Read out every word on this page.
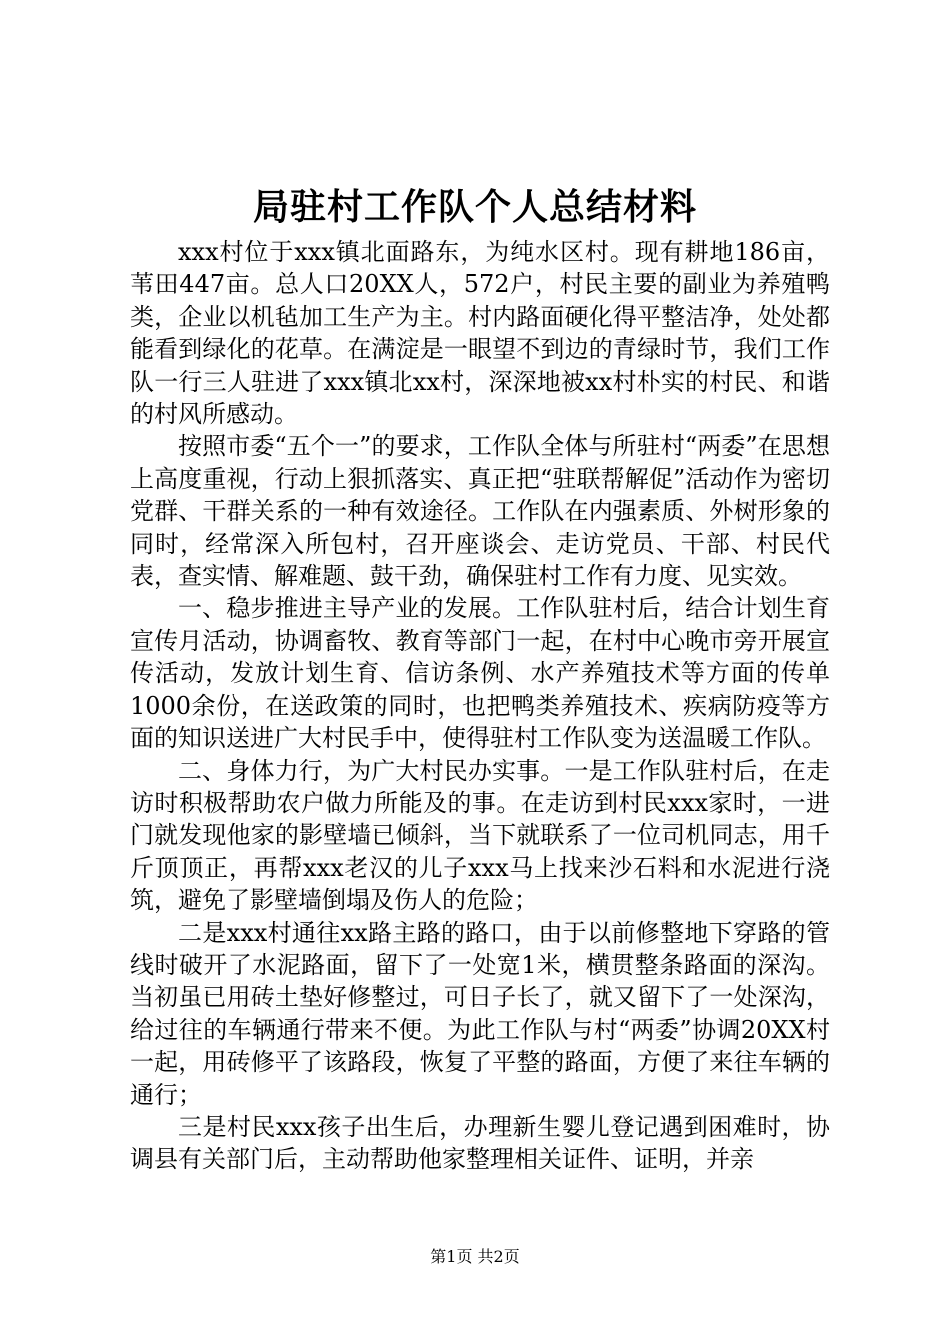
局驻村工作队个人总结材料

xxx村位于xxx镇北面路东，为纯水区村。现有耕地186亩，苇田447亩。总人口20XX人，572户，村民主要的副业为养殖鸭类，企业以机毡加工生产为主。村内路面硬化得平整洁净，处处都能看到绿化的花草。在满淀是一眼望不到边的青绿时节，我们工作队一行三人驻进了xxx镇北xx村，深深地被xx村朴实的村民、和谐的村风所感动。

按照市委“五个一”的要求，工作队全体与所驻村“两委”在思想上高度重视，行动上狠抓落实、真正把“驻联帮解促”活动作为密切党群、干群关系的一种有效途径。工作队在内强素质、外树形象的同时，经常深入所包村，召开座谈会、走访党员、干部、村民代表，查实情、解难题、鼓干劲，确保驻村工作有力度、见实效。

一、稳步推进主导产业的发展。工作队驻村后，结合计划生育宣传月活动，协调畜牧、教育等部门一起，在村中心晚市旁开展宣传活动，发放计划生育、信访条例、水产养殖技术等方面的传单1000余份，在送政策的同时，也把鸭类养殖技术、疾病防疫等方面的知识送进广大村民手中，使得驻村工作队变为送温暖工作队。

二、身体力行，为广大村民办实事。一是工作队驻村后，在走访时积极帮助农户做力所能及的事。在走访到村民xxx家时，一进门就发现他家的影壁墙已倾斜，当下就联系了一位司机同志，用千斤顶顶正，再帮xxx老汉的儿子xxx马上找来沙石料和水泥进行浇筑，避免了影壁墙倒塌及伤人的危险；

二是xxx村通往xx路主路的路口，由于以前修整地下穿路的管线时破开了水泥路面，留下了一处宽1米，横贯整条路面的深沟。当初虽已用砖土垫好修整过，可日子长了，就又留下了一处深沟，给过往的车辆通行带来不便。为此工作队与村“两委”协调20XX村一起，用砖修平了该路段，恢复了平整的路面，方便了来往车辆的通行；

三是村民xxx孩子出生后，办理新生婴儿登记遇到困难时，协调县有关部门后，主动帮助他家整理相关证件、证明，并亲

第1页 共2页
